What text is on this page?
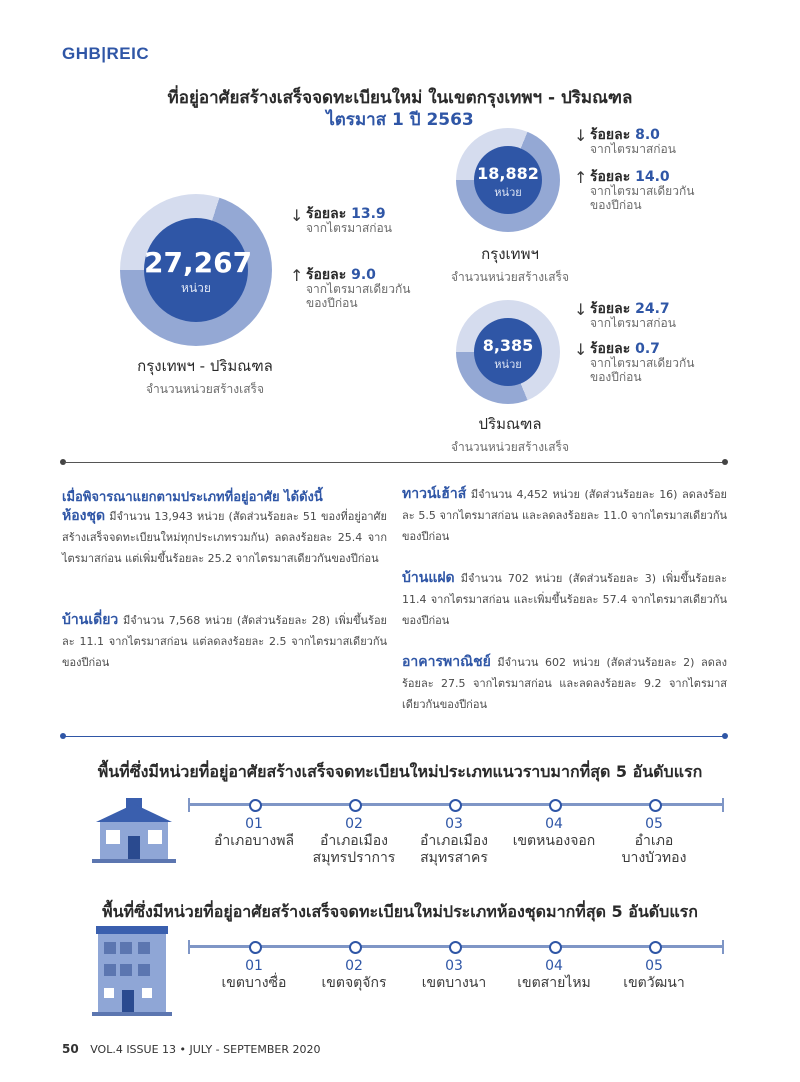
GHB|REIC
ที่อยู่อาศัยสร้างเสร็จจดทะเบียนใหม่ ในเขตกรุงเทพฯ - ปริมณฑล
ไตรมาส 1 ปี 2563
27,267
หน่วย
↓ ร้อยละ 13.9
จากไตรมาสก่อน
↑ ร้อยละ 9.0
จากไตรมาสเดียวกัน
ของปีก่อน
กรุงเทพฯ - ปริมณฑล
จำนวนหน่วยสร้างเสร็จ
18,882
หน่วย
↓ ร้อยละ 8.0
จากไตรมาสก่อน
↑ ร้อยละ 14.0
จากไตรมาสเดียวกัน
ของปีก่อน
กรุงเทพฯ
จำนวนหน่วยสร้างเสร็จ
8,385
หน่วย
↓ ร้อยละ 24.7
จากไตรมาสก่อน
↓ ร้อยละ 0.7
จากไตรมาสเดียวกัน
ของปีก่อน
ปริมณฑล
จำนวนหน่วยสร้างเสร็จ
เมื่อพิจารณาแยกตามประเภทที่อยู่อาศัย ได้ดังนี้
ห้องชุด มีจำนวน 13,943 หน่วย (สัดส่วนร้อยละ 51 ของที่อยู่อาศัยสร้างเสร็จจดทะเบียนใหม่ทุกประเภทรวมกัน) ลดลงร้อยละ 25.4 จากไตรมาสก่อน แต่เพิ่มขึ้นร้อยละ 25.2 จากไตรมาสเดียวกันของปีก่อน
บ้านเดี่ยว มีจำนวน 7,568 หน่วย (สัดส่วนร้อยละ 28) เพิ่มขึ้นร้อยละ 11.1 จากไตรมาสก่อน แต่ลดลงร้อยละ 2.5 จากไตรมาสเดียวกันของปีก่อน
ทาวน์เฮ้าส์ มีจำนวน 4,452 หน่วย (สัดส่วนร้อยละ 16) ลดลงร้อยละ 5.5 จากไตรมาสก่อน และลดลงร้อยละ 11.0 จากไตรมาสเดียวกันของปีก่อน
บ้านแฝด มีจำนวน 702 หน่วย (สัดส่วนร้อยละ 3) เพิ่มขึ้นร้อยละ 11.4 จากไตรมาสก่อน และเพิ่มขึ้นร้อยละ 57.4 จากไตรมาสเดียวกันของปีก่อน
อาคารพาณิชย์ มีจำนวน 602 หน่วย (สัดส่วนร้อยละ 2) ลดลงร้อยละ 27.5 จากไตรมาสก่อน และลดลงร้อยละ 9.2 จากไตรมาสเดียวกันของปีก่อน
พื้นที่ซึ่งมีหน่วยที่อยู่อาศัยสร้างเสร็จจดทะเบียนใหม่ประเภทแนวราบมากที่สุด 5 อันดับแรก
01
อำเภอบางพลี
02
อำเภอเมือง
สมุทรปราการ
03
อำเภอเมือง
สมุทรสาคร
04
เขตหนองจอก
05
อำเภอ
บางบัวทอง
พื้นที่ซึ่งมีหน่วยที่อยู่อาศัยสร้างเสร็จจดทะเบียนใหม่ประเภทห้องชุดมากที่สุด 5 อันดับแรก
01
เขตบางซื่อ
02
เขตจตุจักร
03
เขตบางนา
04
เขตสายไหม
05
เขตวัฒนา
50 VOL.4 ISSUE 13 • JULY - SEPTEMBER 2020
